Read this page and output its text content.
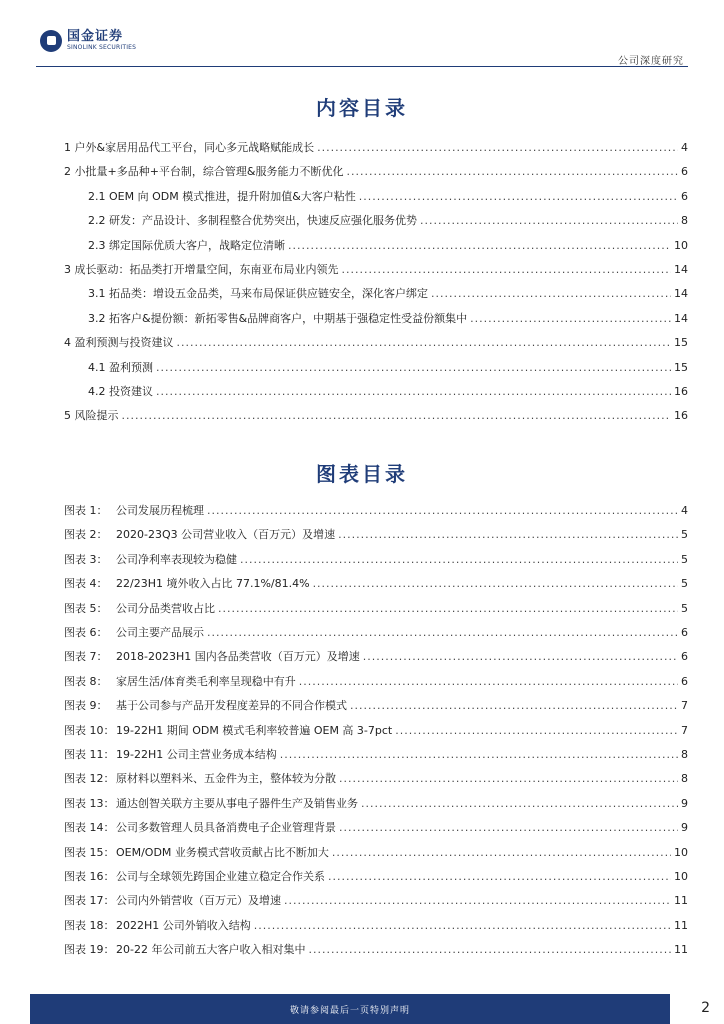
国金证券
SINOLINK SECURITIES
公司深度研究
内容目录
1 户外&家居用品代工平台，同心多元战略赋能成长 .....	4
2 小批量+多品种+平台制，综合管理&服务能力不断优化 .....	6
2.1 OEM 向 ODM 模式推进，提升附加值&大客户粘性 .....	6
2.2 研发：产品设计、多制程整合优势突出，快速反应强化服务优势 .....	8
2.3 绑定国际优质大客户，战略定位清晰 .....	10
3 成长驱动：拓品类打开增量空间，东南亚布局业内领先 .....	14
3.1 拓品类：增设五金品类，马来布局保证供应链安全，深化客户绑定 .....	14
3.2 拓客户&提份额：新拓零售&品牌商客户，中期基于强稳定性受益份额集中 .....	14
4 盈利预测与投资建议 .....	15
4.1 盈利预测 .....	15
4.2 投资建议 .....	16
5 风险提示 .....	16
图表目录
图表 1： 公司发展历程梳理 .....	4
图表 2： 2020-23Q3 公司营业收入（百万元）及增速 .....	5
图表 3： 公司净利率表现较为稳健 .....	5
图表 4： 22/23H1 境外收入占比 77.1%/81.4% .....	5
图表 5： 公司分品类营收占比 .....	5
图表 6： 公司主要产品展示 .....	6
图表 7： 2018-2023H1 国内各品类营收（百万元）及增速 .....	6
图表 8： 家居生活/体育类毛利率呈现稳中有升 .....	6
图表 9： 基于公司参与产品开发程度差异的不同合作模式 .....	7
图表 10： 19-22H1 期间 ODM 模式毛利率较普遍 OEM 高 3-7pct .....	7
图表 11： 19-22H1 公司主营业务成本结构 .....	8
图表 12： 原材料以塑料米、五金件为主，整体较为分散 .....	8
图表 13： 通达创智关联方主要从事电子器件生产及销售业务 .....	9
图表 14： 公司多数管理人员具备消费电子企业管理背景 .....	9
图表 15： OEM/ODM 业务模式营收贡献占比不断加大 .....	10
图表 16： 公司与全球领先跨国企业建立稳定合作关系 .....	10
图表 17： 公司内外销营收（百万元）及增速 .....	11
图表 18： 2022H1 公司外销收入结构 .....	11
图表 19： 20-22 年公司前五大客户收入相对集中 .....	11
敬请参阅最后一页特别声明	2
